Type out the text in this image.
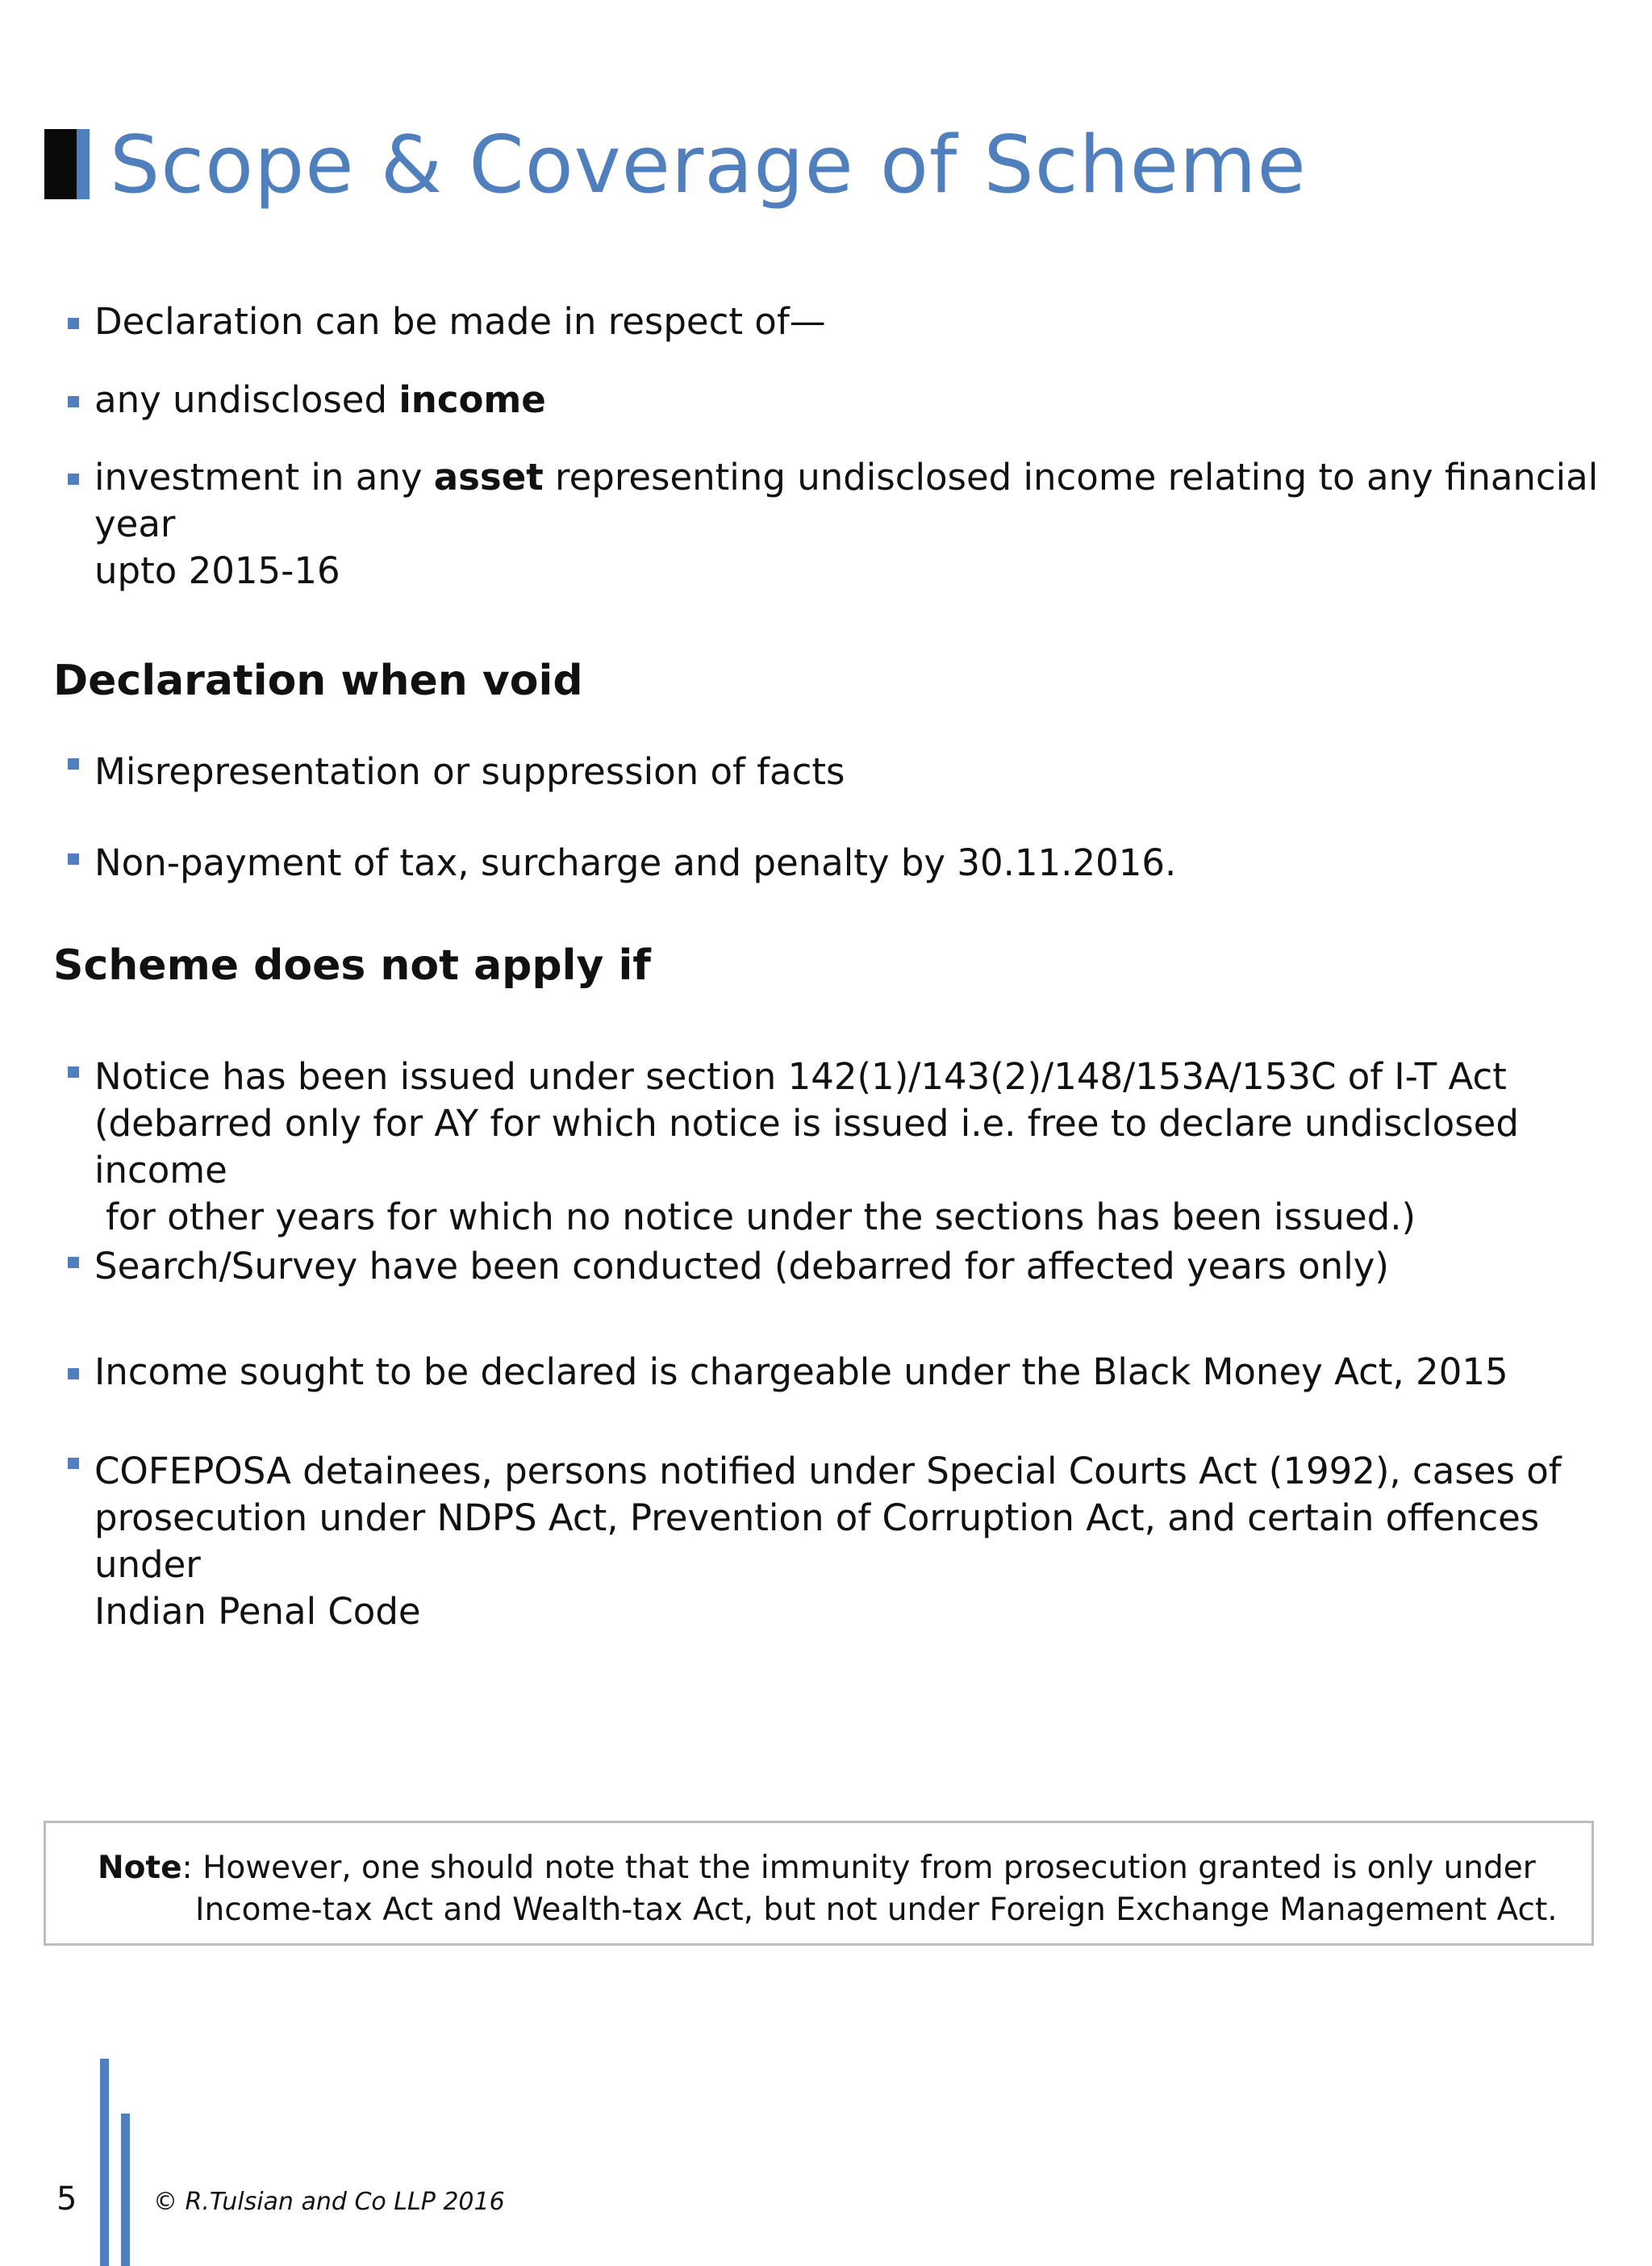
Scope & Coverage of Scheme
Declaration can be made in respect of—
any undisclosed income
investment in any asset representing undisclosed income relating to any financial year
upto 2015-16
Declaration when void
Misrepresentation or suppression of facts
Non-payment of tax, surcharge and penalty by 30.11.2016.
Scheme does not apply if
Notice has been issued under section 142(1)/143(2)/148/153A/153C of I-T Act
(debarred only for AY for which notice is issued i.e. free to declare undisclosed income
for other years for which no notice under the sections has been issued.)
Search/Survey have been conducted (debarred for affected years only)
Income sought to be declared is chargeable under the Black Money Act, 2015
COFEPOSA detainees, persons notified under Special Courts Act (1992), cases of
prosecution under NDPS Act, Prevention of Corruption Act, and certain offences under
Indian Penal Code
Note: However, one should note that the immunity from prosecution granted is only under
Income-tax Act and Wealth-tax Act, but not under Foreign Exchange Management Act.
5	© R.Tulsian and Co LLP 2016
